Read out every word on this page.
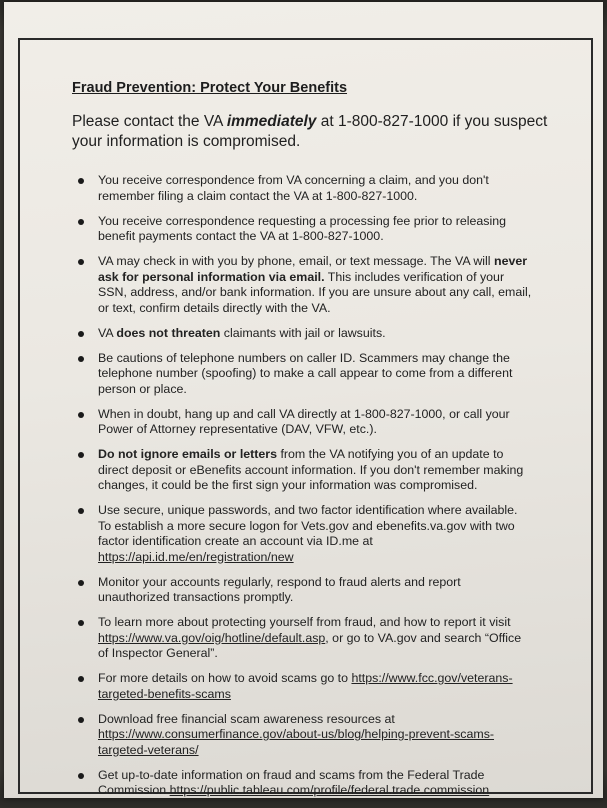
Fraud Prevention: Protect Your Benefits
Please contact the VA immediately at 1-800-827-1000 if you suspect your information is compromised.
You receive correspondence from VA concerning a claim, and you don't remember filing a claim contact the VA at 1-800-827-1000.
You receive correspondence requesting a processing fee prior to releasing benefit payments contact the VA at 1-800-827-1000.
VA may check in with you by phone, email, or text message. The VA will never ask for personal information via email. This includes verification of your SSN, address, and/or bank information. If you are unsure about any call, email, or text, confirm details directly with the VA.
VA does not threaten claimants with jail or lawsuits.
Be cautions of telephone numbers on caller ID. Scammers may change the telephone number (spoofing) to make a call appear to come from a different person or place.
When in doubt, hang up and call VA directly at 1-800-827-1000, or call your Power of Attorney representative (DAV, VFW, etc.).
Do not ignore emails or letters from the VA notifying you of an update to direct deposit or eBenefits account information. If you don't remember making changes, it could be the first sign your information was compromised.
Use secure, unique passwords, and two factor identification where available. To establish a more secure logon for Vets.gov and ebenefits.va.gov with two factor identification create an account via ID.me at https://api.id.me/en/registration/new
Monitor your accounts regularly, respond to fraud alerts and report unauthorized transactions promptly.
To learn more about protecting yourself from fraud, and how to report it visit https://www.va.gov/oig/hotline/default.asp, or go to VA.gov and search “Office of Inspector General”.
For more details on how to avoid scams go to https://www.fcc.gov/veterans-targeted-benefits-scams
Download free financial scam awareness resources at https://www.consumerfinance.gov/about-us/blog/helping-prevent-scams-targeted-veterans/
Get up-to-date information on fraud and scams from the Federal Trade Commission https://public.tableau.com/profile/federal.trade.commission
